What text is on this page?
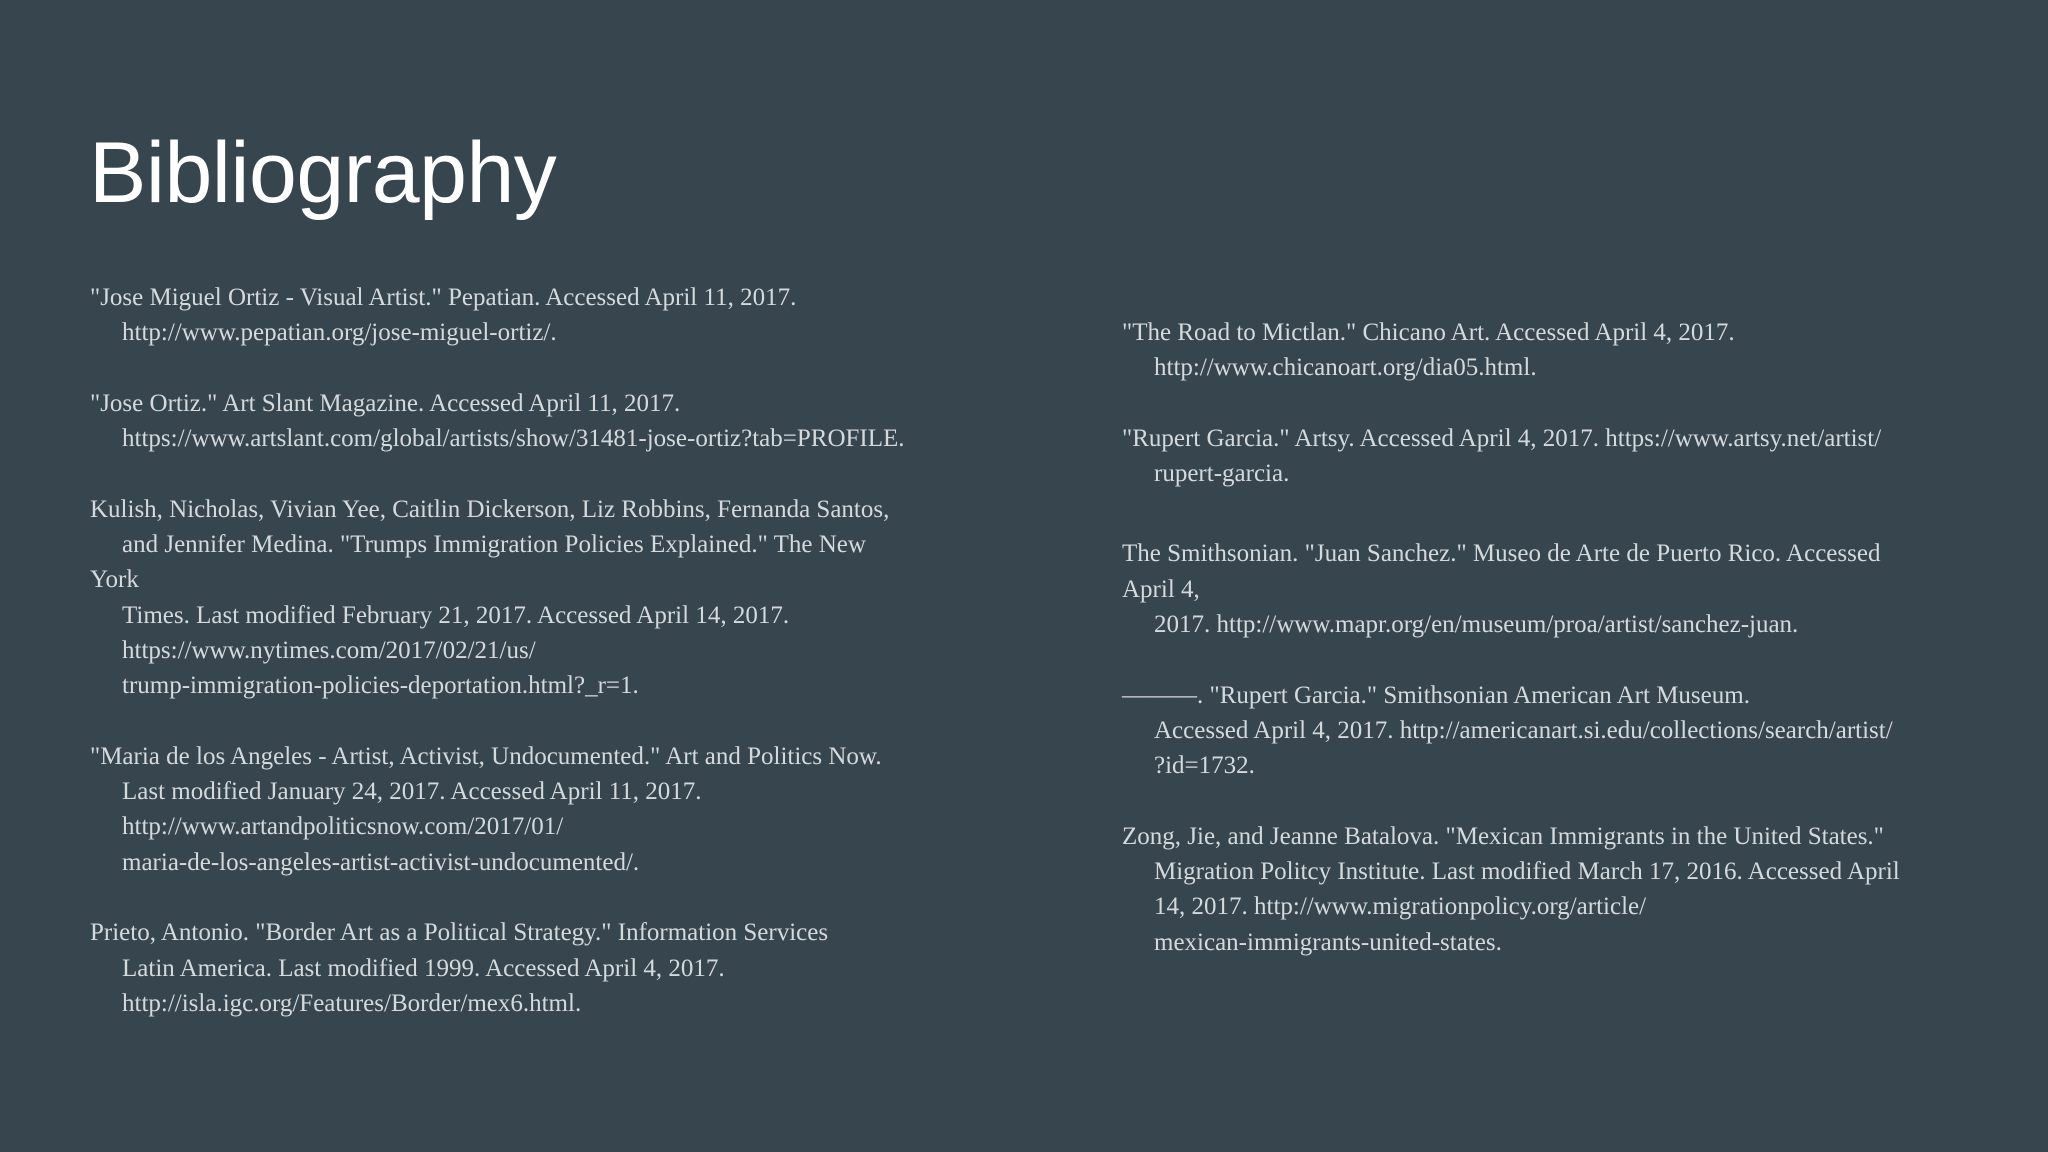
Bibliography

"Jose Miguel Ortiz - Visual Artist." Pepatian. Accessed April 11, 2017.
http://www.pepatian.org/jose-miguel-ortiz/.

"Jose Ortiz." Art Slant Magazine. Accessed April 11, 2017.
https://www.artslant.com/global/artists/show/31481-jose-ortiz?tab=PROFILE.

Kulish, Nicholas, Vivian Yee, Caitlin Dickerson, Liz Robbins, Fernanda Santos,
and Jennifer Medina. "Trumps Immigration Policies Explained." The New
York
Times. Last modified February 21, 2017. Accessed April 14, 2017.
https://www.nytimes.com/2017/02/21/us/
trump-immigration-policies-deportation.html?_r=1.

"Maria de los Angeles - Artist, Activist, Undocumented." Art and Politics Now.
Last modified January 24, 2017. Accessed April 11, 2017.
http://www.artandpoliticsnow.com/2017/01/
maria-de-los-angeles-artist-activist-undocumented/.

Prieto, Antonio. "Border Art as a Political Strategy." Information Services
Latin America. Last modified 1999. Accessed April 4, 2017.
http://isla.igc.org/Features/Border/mex6.html.

"The Road to Mictlan." Chicano Art. Accessed April 4, 2017.
http://www.chicanoart.org/dia05.html.

"Rupert Garcia." Artsy. Accessed April 4, 2017. https://www.artsy.net/artist/
rupert-garcia.

The Smithsonian. "Juan Sanchez." Museo de Arte de Puerto Rico. Accessed
April 4,
2017. http://www.mapr.org/en/museum/proa/artist/sanchez-juan.

———. "Rupert Garcia." Smithsonian American Art Museum.
Accessed April 4, 2017. http://americanart.si.edu/collections/search/artist/
?id=1732.

Zong, Jie, and Jeanne Batalova. "Mexican Immigrants in the United States."
Migration Politcy Institute. Last modified March 17, 2016. Accessed April
14, 2017. http://www.migrationpolicy.org/article/
mexican-immigrants-united-states.
